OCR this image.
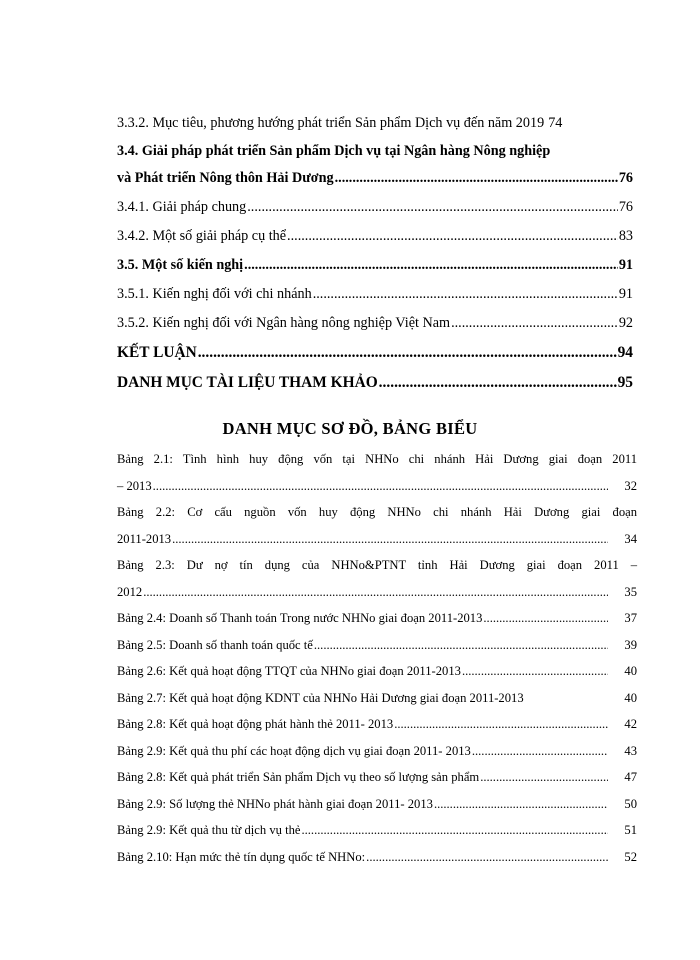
3.3.2. Mục tiêu, phương hướng phát triển Sản phẩm Dịch vụ đến năm 2019 74
3.4. Giải pháp phát triển Sản phẩm Dịch vụ tại Ngân hàng Nông nghiệp
và Phát triển Nông thôn Hải Dương .....	76
3.4.1. Giải pháp chung .....	76
3.4.2. Một số giải pháp cụ thể .....	83
3.5. Một số kiến nghị .....	91
3.5.1. Kiến nghị đối với chi nhánh .....	91
3.5.2. Kiến nghị đối với Ngân hàng nông nghiệp Việt Nam .....	92
KẾT LUẬN .....	94
DANH MỤC TÀI LIỆU THAM KHẢO .....	95
DANH MỤC SƠ ĐỒ, BẢNG BIỂU
Bảng 2.1: Tình hình huy động vốn tại NHNo chi nhánh Hải Dương giai đoạn 2011
– 2013 .....	32
Bảng 2.2: Cơ cấu nguồn vốn huy động NHNo chi nhánh Hải Dương giai đoạn
2011-2013 .....	34
Bảng 2.3: Dư nợ tín dụng của NHNo&PTNT tỉnh Hải Dương giai đoạn 2011 –
2012 .....	35
Bảng 2.4: Doanh số Thanh toán Trong nước NHNo giai đoạn 2011-2013 .....	37
Bảng 2.5: Doanh số thanh toán quốc tế .....	39
Bảng 2.6: Kết quả hoạt động TTQT của NHNo giai đoạn 2011-2013 .....	40
Bảng 2.7: Kết quả hoạt động KDNT của NHNo Hải Dương giai đoạn 2011-2013	40
Bảng 2.8: Kết quả hoạt động phát hành thẻ 2011- 2013 .....	42
Bảng 2.9: Kết quả thu phí các hoạt động dịch vụ giai đoạn 2011- 2013 .....	43
Bảng 2.8: Kết quả phát triển Sản phẩm Dịch vụ theo số lượng sản phẩm .....	47
Bảng 2.9: Số lượng thẻ NHNo phát hành giai đoạn 2011- 2013 .....	50
Bảng 2.9: Kết quả thu từ dịch vụ thẻ .....	51
Bảng 2.10: Hạn mức thẻ tín dụng quốc tế NHNo: .....	52
